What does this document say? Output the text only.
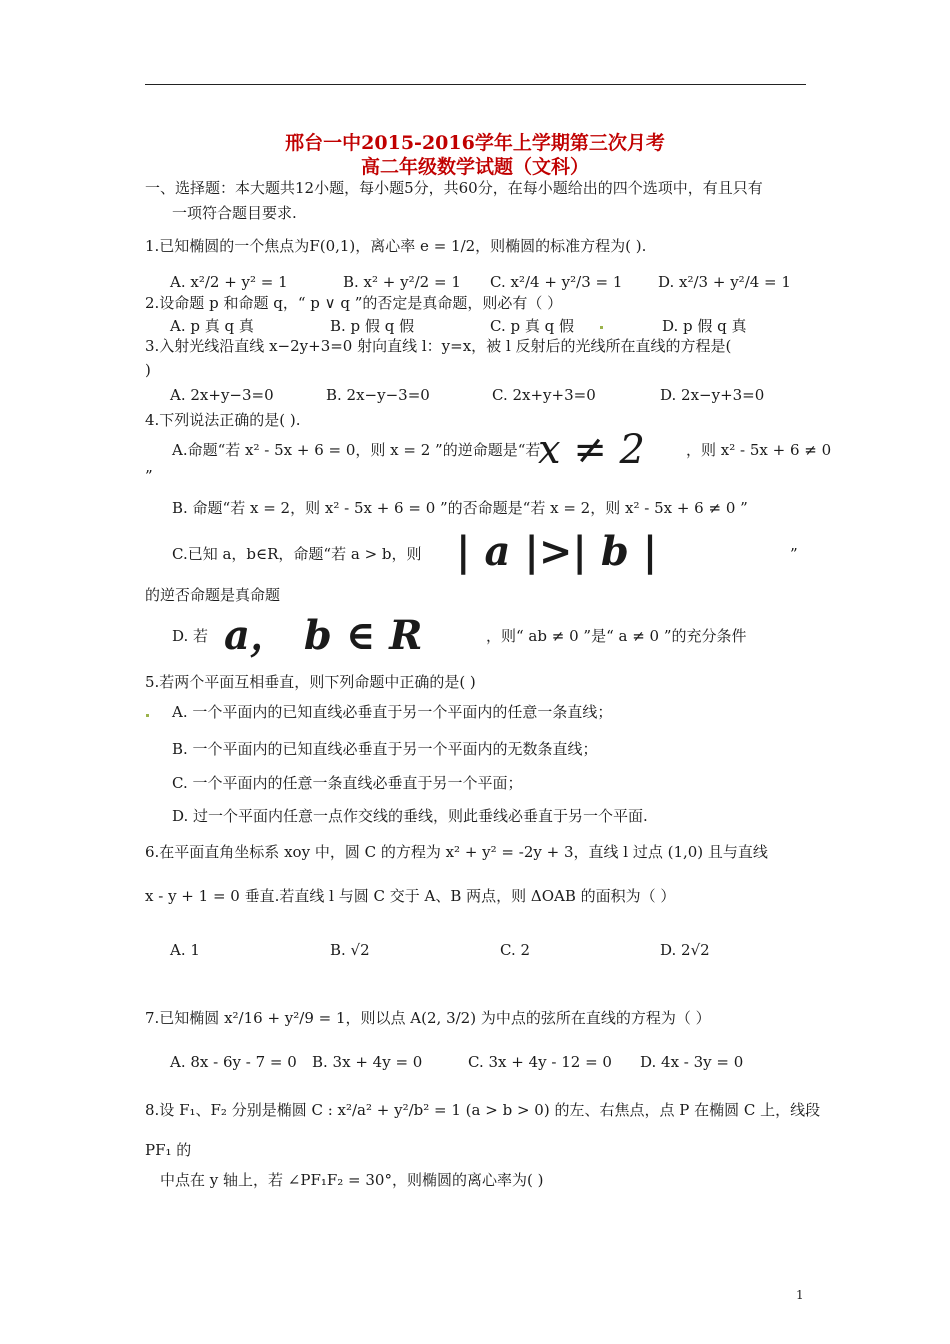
邢台一中2015-2016学年上学期第三次月考
高二年级数学试题（文科）
一、选择题：本大题共12小题，每小题5分，共60分，在每小题给出的四个选项中，有且只有
一项符合题目要求.
1.已知椭圆的一个焦点为F(0,1)，离心率 e = 1/2，则椭圆的标准方程为( ).
A. x²/2 + y² = 1	B. x² + y²/2 = 1 C. x²/4 + y²/3 = 1 D. x²/3 + y²/4 = 1
2.设命题 p 和命题 q，“ p ∨ q ”的否定是真命题，则必有（ ）
A. p 真 q 真	B. p 假 q 假	C. p 真 q 假	D. p 假 q 真
3.入射光线沿直线 x−2y+3=0 射向直线 l：y=x，被 l 反射后的光线所在直线的方程是(
)
A. 2x+y−3=0	B. 2x−y−3=0	C. 2x+y+3=0	D. 2x−y+3=0
4.下列说法正确的是( ).
A.命题“若 x² - 5x + 6 = 0，则 x = 2 ”的逆命题是“若
x ≠ 2	，则 x² - 5x + 6 ≠ 0
”
B. 命题“若 x = 2，则 x² - 5x + 6 = 0 ”的否命题是“若 x = 2，则 x² - 5x + 6 ≠ 0 ”
C.已知 a，b∈R，命题“若 a > b，则 | a |>| b |	”
的逆否命题是真命题
D. 若 a， b ∈ R	，则“ ab ≠ 0 ”是“ a ≠ 0 ”的充分条件
5.若两个平面互相垂直，则下列命题中正确的是( )
A. 一个平面内的已知直线必垂直于另一个平面内的任意一条直线；
B. 一个平面内的已知直线必垂直于另一个平面内的无数条直线；
C. 一个平面内的任意一条直线必垂直于另一个平面；
D. 过一个平面内任意一点作交线的垂线，则此垂线必垂直于另一个平面.
6.在平面直角坐标系 xoy 中，圆 C 的方程为 x² + y² = -2y + 3，直线 l 过点 (1,0) 且与直线
x - y + 1 = 0 垂直.若直线 l 与圆 C 交于 A、B 两点，则 ΔOAB 的面积为（ ）
A. 1	B. √2	C. 2	D. 2√2
7.已知椭圆 x²/16 + y²/9 = 1，则以点 A(2, 3/2) 为中点的弦所在直线的方程为（ ）
A. 8x - 6y - 7 = 0 B. 3x + 4y = 0	C. 3x + 4y - 12 = 0 D. 4x - 3y = 0
8.设 F₁、F₂ 分别是椭圆 C : x²/a² + y²/b² = 1 (a > b > 0) 的左、右焦点，点 P 在椭圆 C 上，线段
PF₁ 的
中点在 y 轴上，若 ∠PF₁F₂ = 30°，则椭圆的离心率为( )
1
